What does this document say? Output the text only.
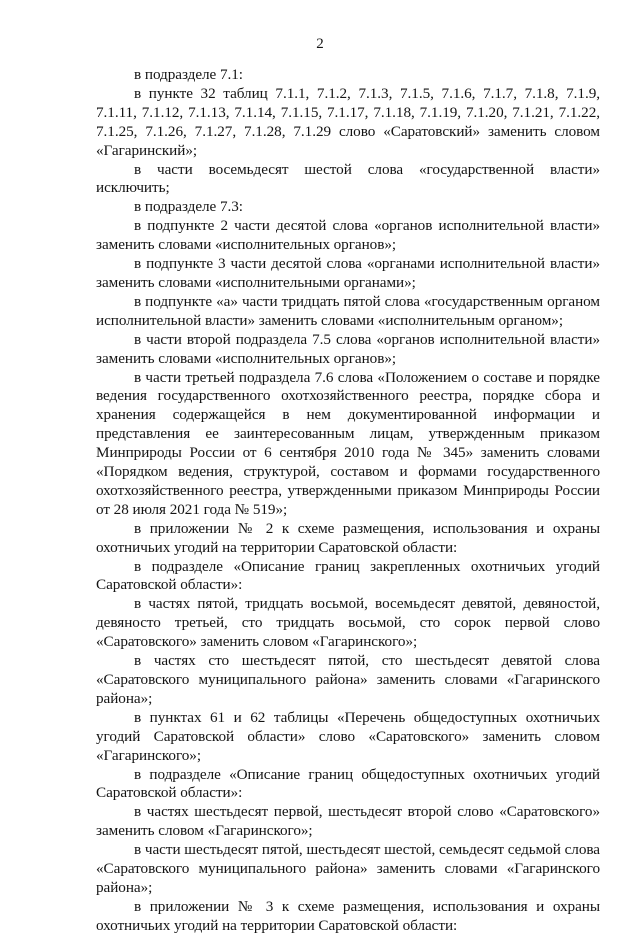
2

в подразделе 7.1:

в пункте 32 таблиц 7.1.1, 7.1.2, 7.1.3, 7.1.5, 7.1.6, 7.1.7, 7.1.8, 7.1.9, 7.1.11, 7.1.12, 7.1.13, 7.1.14, 7.1.15, 7.1.17, 7.1.18, 7.1.19, 7.1.20, 7.1.21, 7.1.22, 7.1.25, 7.1.26, 7.1.27, 7.1.28, 7.1.29 слово «Саратовский» заменить словом «Гагаринский»;

в части восемьдесят шестой слова «государственной власти» исключить;

в подразделе 7.3:

в подпункте 2 части десятой слова «органов исполнительной власти» заменить словами «исполнительных органов»;

в подпункте 3 части десятой слова «органами исполнительной власти» заменить словами «исполнительными органами»;

в подпункте «а» части тридцать пятой слова «государственным органом исполнительной власти» заменить словами «исполнительным органом»;

в части второй подраздела 7.5 слова «органов исполнительной власти» заменить словами «исполнительных органов»;

в части третьей подраздела 7.6 слова «Положением о составе и порядке ведения государственного охотхозяйственного реестра, порядке сбора и хранения содержащейся в нем документированной информации и представления ее заинтересованным лицам, утвержденным приказом Минприроды России от 6 сентября 2010 года № 345» заменить словами «Порядком ведения, структурой, составом и формами государственного охотхозяйственного реестра, утвержденными приказом Минприроды России от 28 июля 2021 года № 519»;

в приложении № 2 к схеме размещения, использования и охраны охотничьих угодий на территории Саратовской области:

в подразделе «Описание границ закрепленных охотничьих угодий Саратовской области»:

в частях пятой, тридцать восьмой, восемьдесят девятой, девяностой, девяносто третьей, сто тридцать восьмой, сто сорок первой слово «Саратовского» заменить словом «Гагаринского»;

в частях сто шестьдесят пятой, сто шестьдесят девятой слова «Саратовского муниципального района» заменить словами «Гагаринского района»;

в пунктах 61 и 62 таблицы «Перечень общедоступных охотничьих угодий Саратовской области» слово «Саратовского» заменить словом «Гагаринского»;

в подразделе «Описание границ общедоступных охотничьих угодий Саратовской области»:

в частях шестьдесят первой, шестьдесят второй слово «Саратовского» заменить словом «Гагаринского»;

в части шестьдесят пятой, шестьдесят шестой, семьдесят седьмой слова «Саратовского муниципального района» заменить словами «Гагаринского района»;

в приложении № 3 к схеме размещения, использования и охраны охотничьих угодий на территории Саратовской области:
